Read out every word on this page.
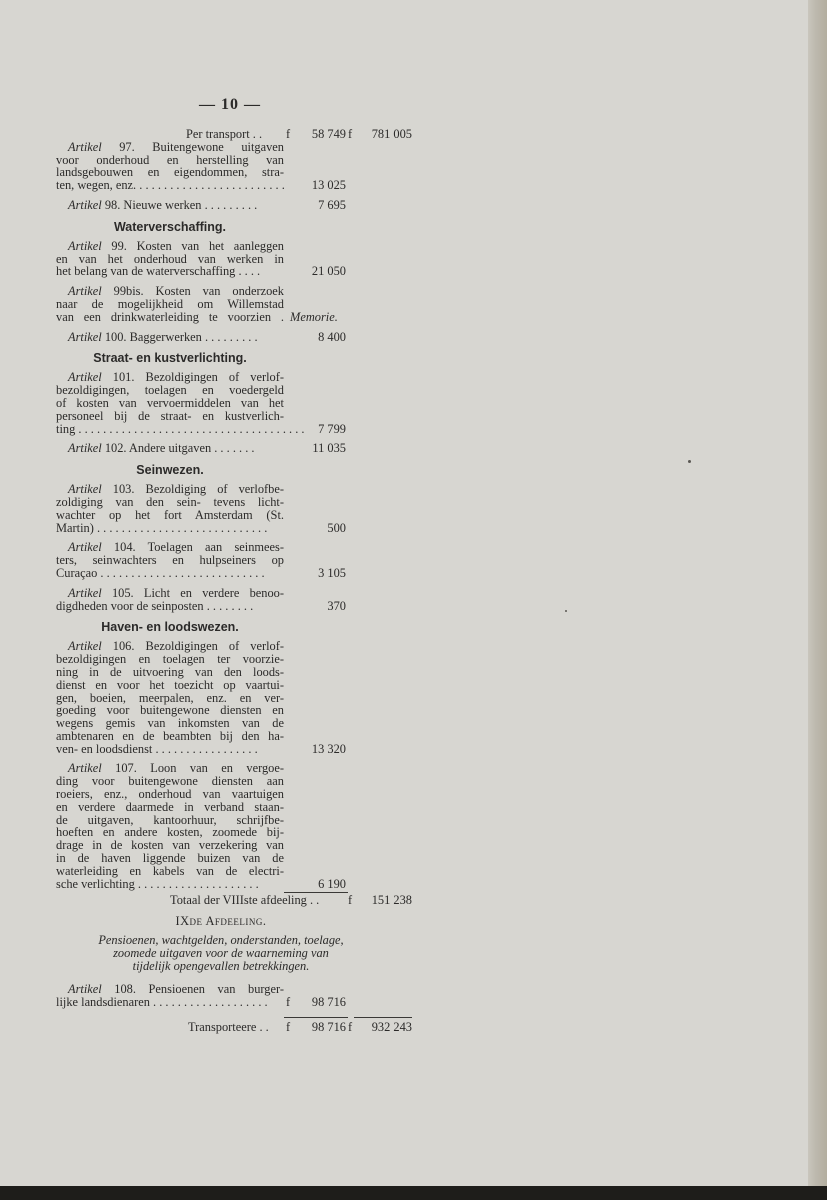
— 10 —
Per transport . . f	58 749 f	781 005
Artikel 97. Buitengewone uitgaven
voor onderhoud en herstelling van
landsgebouwen en eigendommen, stra-
ten, wegen, enz. . . . . . . . . . . . . . . . . . . . . . . . .	13 025
Artikel 98. Nieuwe werken . . . . . . . . .	7 695
Waterverschaffing.
Artikel 99. Kosten van het aanleggen
en van het onderhoud van werken in
het belang van de waterverschaffing . . . .	21 050
Artikel 99bis. Kosten van onderzoek
naar de mogelijkheid om Willemstad
van een drinkwaterleiding te voorzien . Memorie.
Artikel 100. Baggerwerken . . . . . . . . .	8 400
Straat- en kustverlichting.
Artikel 101. Bezoldigingen of verlof-
bezoldigingen, toelagen en voedergeld
of kosten van vervoermiddelen van het
personeel bij de straat- en kustverlich-
ting . . . . . . . . . . . . . . . . . . . . . . . . . . . . . . . . . . . . .	7 799
Artikel 102. Andere uitgaven . . . . . . .	11 035
Seinwezen.
Artikel 103. Bezoldiging of verlofbe-
zoldiging van den sein- tevens licht-
wachter op het fort Amsterdam (St.
Martin) . . . . . . . . . . . . . . . . . . . . . . . . . . . .	500
Artikel 104. Toelagen aan seinmees-
ters, seinwachters en hulpseiners op
Curaçao . . . . . . . . . . . . . . . . . . . . . . . . . . .	3 105
Artikel 105. Licht en verdere benoo-
digdheden voor de seinposten . . . . . . . .	370
Haven- en loodswezen.
Artikel 106. Bezoldigingen of verlof-
bezoldigingen en toelagen ter voorzie-
ning in de uitvoering van den loods-
dienst en voor het toezicht op vaartui-
gen, boeien, meerpalen, enz. en ver-
goeding voor buitengewone diensten en
wegens gemis van inkomsten van de
ambtenaren en de beambten bij den ha-
ven- en loodsdienst . . . . . . . . . . . . . . . . .	13 320
Artikel 107. Loon van en vergoe-
ding voor buitengewone diensten aan
roeiers, enz., onderhoud van vaartuigen
en verdere daarmede in verband staan-
de uitgaven, kantoorhuur, schrijfbe-
hoeften en andere kosten, zoomede bij-
drage in de kosten van verzekering van
in de haven liggende buizen van de
waterleiding en kabels van de electri-
sche verlichting . . . . . . . . . . . . . . . . . . . .	6 190
Totaal der VIIIste afdeeling . . f	151 238
IXde Afdeeling.
Pensioenen, wachtgelden, onderstanden, toelage,
zoomede uitgaven voor de waarneming van
tijdelijk opengevallen betrekkingen.
Artikel 108. Pensioenen van burger-
lijke landsdienaren . . . . . . . . . . . . . . . . . . .	f	98 716
Transporteere . . f	98 716 f	932 243
